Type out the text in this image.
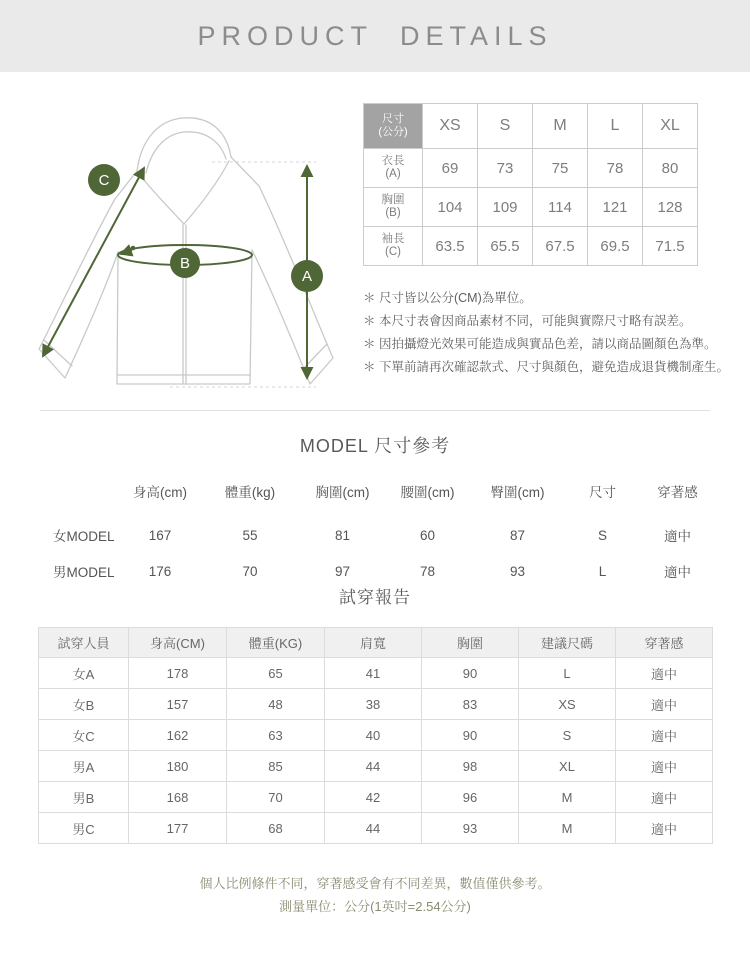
PRODUCT DETAILS
A
B
C
尺寸
(公分)	XS	S	M	L	XL

衣長
(A)	69	73	75	78	80

胸圍
(B)	104	109	114	121	128

袖長
(C)	63.5	65.5	67.5	69.5	71.5

＊ 尺寸皆以公分(CM)為單位。

＊ 本尺寸表會因商品素材不同，可能與實際尺寸略有誤差。

＊ 因拍攝燈光效果可能造成與實品色差，請以商品圖顏色為準。

＊ 下單前請再次確認款式、尺寸與顏色，避免造成退貨機制產生。

MODEL 尺寸參考
身高(cm)	體重(kg)	胸圍(cm)	腰圍(cm)	臀圍(cm)	尺寸	穿著感
女MODEL	167	55	81	60	87	S	適中
男MODEL	176	70	97	78	93	L	適中
試穿報告
試穿人員	身高(CM)	體重(KG)	肩寬	胸圍	建議尺碼	穿著感
女A	178	65	41	90	L	適中
女B	157	48	38	83	XS	適中
女C	162	63	40	90	S	適中
男A	180	85	44	98	XL	適中
男B	168	70	42	96	M	適中
男C	177	68	44	93	M	適中

個人比例條件不同，穿著感受會有不同差異，數值僅供參考。

測量單位：公分(1英吋=2.54公分)
